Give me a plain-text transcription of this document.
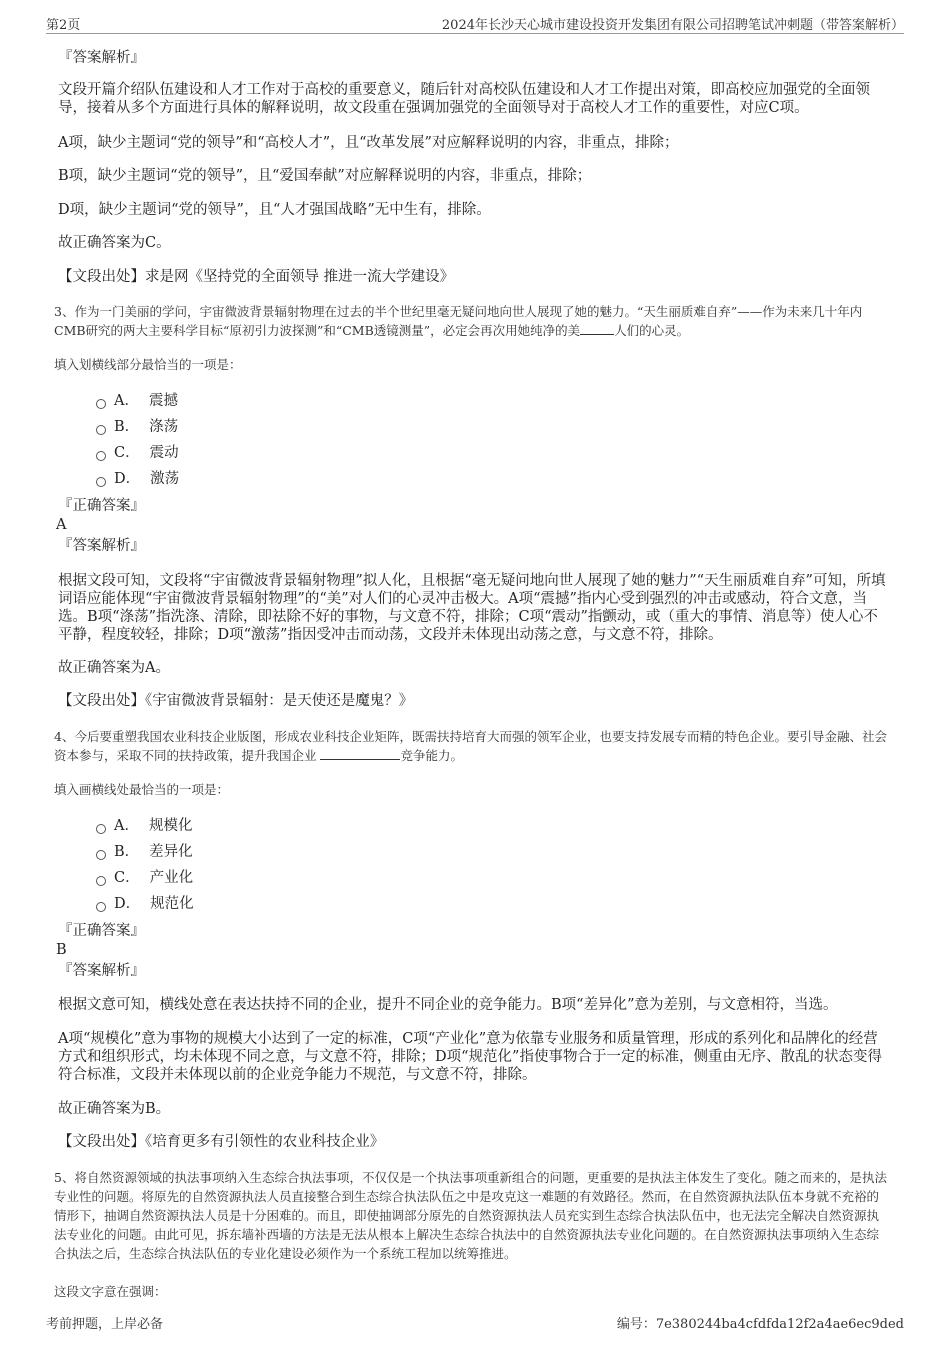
第2页	2024年长沙天心城市建设投资开发集团有限公司招聘笔试冲刺题（带答案解析）
『答案解析』
文段开篇介绍队伍建设和人才工作对于高校的重要意义，随后针对高校队伍建设和人才工作提出对策，即高校应加强党的全面领导，接着从多个方面进行具体的解释说明，故文段重在强调加强党的全面领导对于高校人才工作的重要性，对应C项。
A项，缺少主题词“党的领导”和“高校人才”，且“改革发展”对应解释说明的内容，非重点，排除；
B项，缺少主题词“党的领导”，且“爱国奉献”对应解释说明的内容，非重点，排除；
D项，缺少主题词“党的领导”，且“人才强国战略”无中生有，排除。
故正确答案为C。
【文段出处】求是网《坚持党的全面领导 推进一流大学建设》
3、作为一门美丽的学问，宇宙微波背景辐射物理在过去的半个世纪里毫无疑问地向世人展现了她的魅力。“天生丽质难自弃”——作为未来几十年内CMB研究的两大主要科学目标“原初引力波探测”和“CMB透镜测量”，必定会再次用她纯净的美	人们的心灵。
填入划横线部分最恰当的一项是：
A． 震撼
B． 涤荡
C． 震动
D． 激荡
『正确答案』
A
『答案解析』
根据文段可知，文段将“宇宙微波背景辐射物理”拟人化，且根据“毫无疑问地向世人展现了她的魅力”“天生丽质难自弃”可知，所填词语应能体现“宇宙微波背景辐射物理”的“美”对人们的心灵冲击极大。A项“震撼”指内心受到强烈的冲击或感动，符合文意，当选。B项“涤荡”指洗涤、清除，即祛除不好的事物，与文意不符，排除；C项“震动”指颤动，或（重大的事情、消息等）使人心不平静，程度较轻，排除；D项“激荡”指因受冲击而动荡，文段并未体现出动荡之意，与文意不符，排除。
故正确答案为A。
【文段出处】《宇宙微波背景辐射：是天使还是魔鬼？》
4、今后要重塑我国农业科技企业版图，形成农业科技企业矩阵，既需扶持培育大而强的领军企业，也要支持发展专而精的特色企业。要引导金融、社会资本参与，采取不同的扶持政策，提升我国企业	竞争能力。
填入画横线处最恰当的一项是：
A． 规模化
B． 差异化
C． 产业化
D． 规范化
『正确答案』
B
『答案解析』
根据文意可知，横线处意在表达扶持不同的企业，提升不同企业的竞争能力。B项“差异化”意为差别，与文意相符，当选。
A项“规模化”意为事物的规模大小达到了一定的标准，C项“产业化”意为依靠专业服务和质量管理，形成的系列化和品牌化的经营方式和组织形式，均未体现不同之意，与文意不符，排除；D项“规范化”指使事物合于一定的标准，侧重由无序、散乱的状态变得符合标准，文段并未体现以前的企业竞争能力不规范，与文意不符，排除。
故正确答案为B。
【文段出处】《培育更多有引领性的农业科技企业》
5、将自然资源领域的执法事项纳入生态综合执法事项，不仅仅是一个执法事项重新组合的问题，更重要的是执法主体发生了变化。随之而来的，是执法专业性的问题。将原先的自然资源执法人员直接整合到生态综合执法队伍之中是攻克这一难题的有效路径。然而，在自然资源执法队伍本身就不充裕的情形下，抽调自然资源执法人员是十分困难的。而且，即使抽调部分原先的自然资源执法人员充实到生态综合执法队伍中，也无法完全解决自然资源执法专业化的问题。由此可见，拆东墙补西墙的方法是无法从根本上解决生态综合执法中的自然资源执法专业化问题的。在自然资源执法事项纳入生态综合执法之后，生态综合执法队伍的专业化建设必须作为一个系统工程加以统筹推进。
这段文字意在强调：
考前押题，上岸必备	编号：7e380244ba4cfdfda12f2a4ae6ec9ded
